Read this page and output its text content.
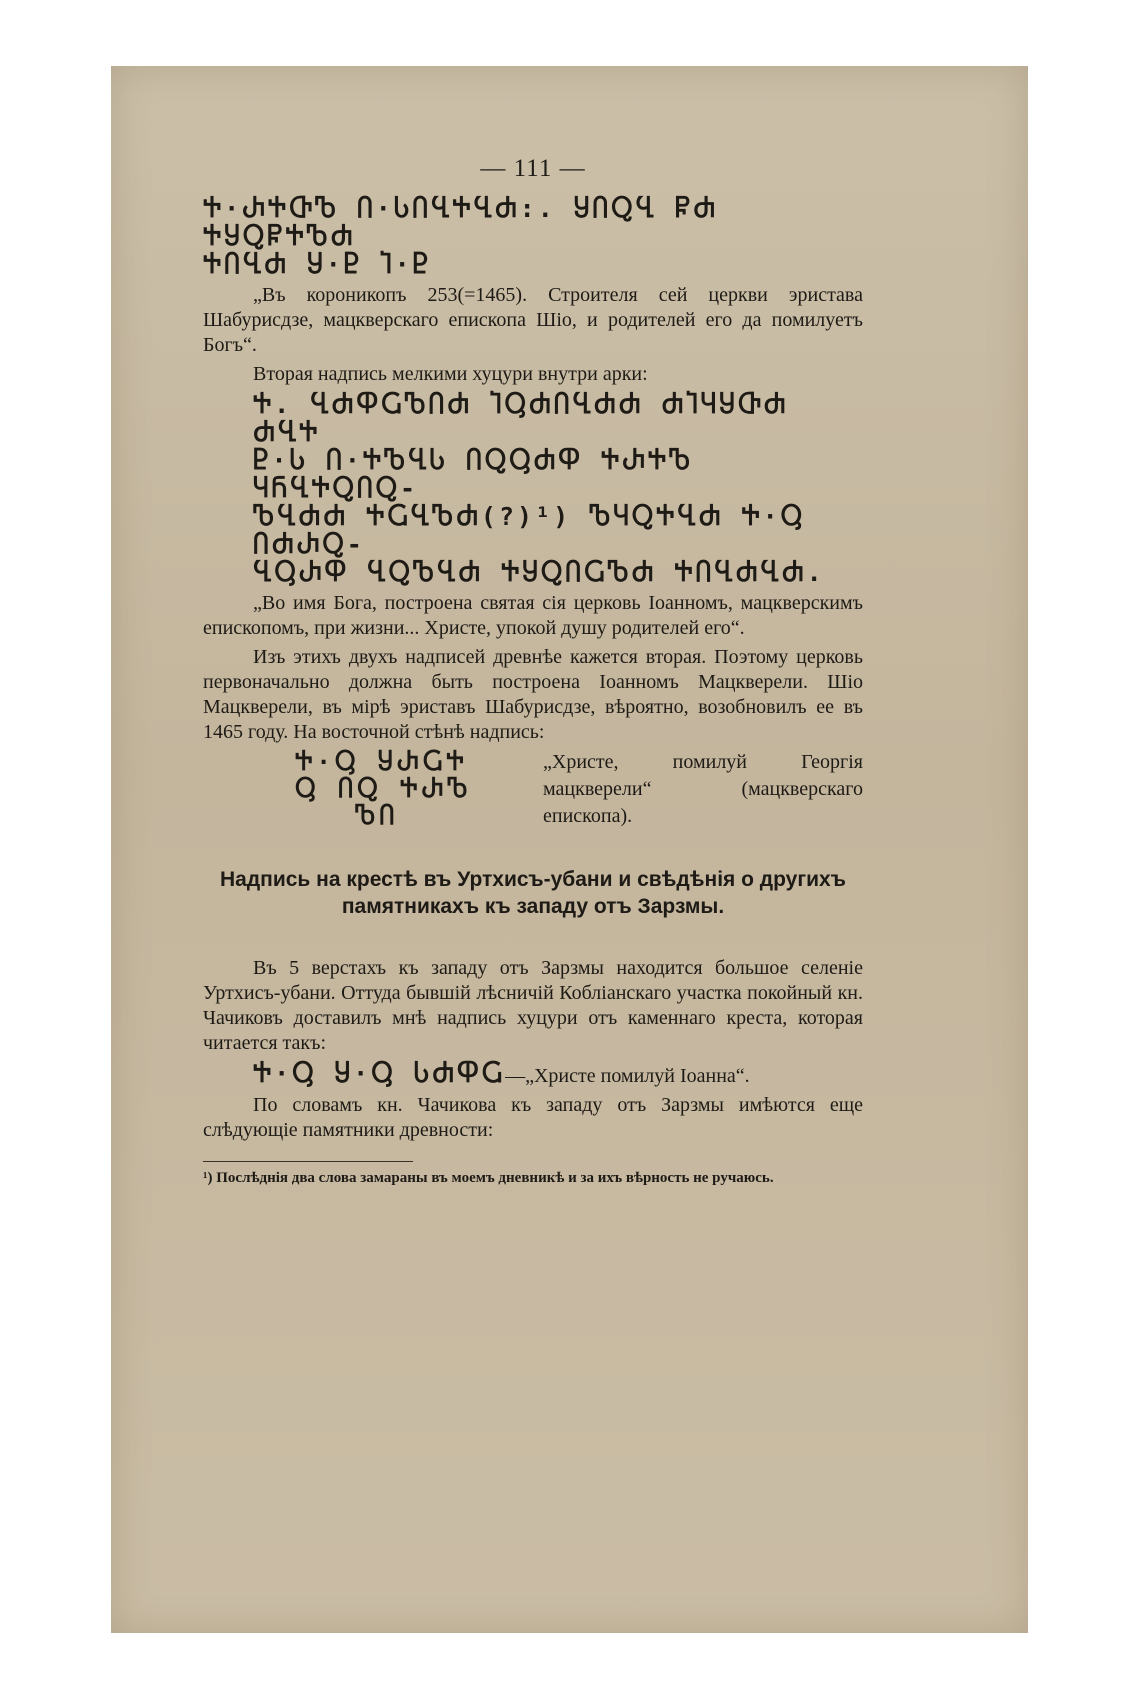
— 111 —
Ⴕ·ႰႵႧႪ Ⴖ·ႱႶႡႵႡႻ:. ႸႶႭႡ ႼႻ ႵႸႭႼႵႪႻ
ႵႶႡႻ Ⴘ·Ⴒ Ⴈ·Ⴒ

„Въ короникопъ 253(=1465). Строителя сей церкви эристава Шабурисдзе, мацкверскаго епископа Шіо, и родителей его да помилуетъ Богъ“.

Вторая надпись мелкими хуцури внутри арки:

Ⴕ. ႡႻႴႺႪႶႻ ႨႳႻႶႡႻႻ ႻႨႷႸႧႻ ႻႡႵ
Ⴒ·Ⴑ Ⴖ·ႵႪႡႱ ႶႭႳႻႴ ႵႰႵႪ ႷႬႡႵႭႶႭ-
ႪႡႻႻ ႵႺႡႪႻ(?)¹) ႪႷႭႵႡႻ Ⴕ·Ⴓ ႶႻႰႭ-
ႡႳႰႴ ႡႭႪႡႻ ႵႸႭႶႺႪႻ ႵႶႡႻႡႻ.

„Во имя Бога, построена святая сія церковь Іоанномъ, мацкверскимъ епископомъ, при жизни... Христе, упокой душу родителей его“.

Изъ этихъ двухъ надписей древнѣе кажется вторая. Поэтому церковь первоначально должна быть построена Іоанномъ Мацкверели. Шіо Мацкверели, въ мірѣ эриставъ Шабурисдзе, вѣроятно, возобновилъ ее въ 1465 году. На восточной стѣнѣ надпись:

Ⴕ·Ⴓ ႸႰႺႵ
Ⴓ ႶႭ ႵႰႪ
ႪႶ
„Христе, помилуй Георгія мацкверели“ (мацкверскаго епископа).
Надпись на крестѣ въ Уртхисъ-убани и свѣдѣнія о другихъ памятникахъ къ западу отъ Зарзмы.

Въ 5 верстахъ къ западу отъ Зарзмы находится большое селеніе Уртхисъ-убани. Оттуда бывшій лѣсничій Кобліанскаго участка покойный кн. Чачиковъ доставилъ мнѣ надпись хуцури отъ каменнаго креста, которая читается такъ:

Ⴕ·Ⴓ Ⴘ·Ⴓ ႱႻႴႺ—„Христе помилуй Іоанна“.

По словамъ кн. Чачикова къ западу отъ Зарзмы имѣются еще слѣдующіе памятники древности:

¹) Послѣднія два слова замараны въ моемъ дневникѣ и за ихъ вѣрность не ручаюсь.
